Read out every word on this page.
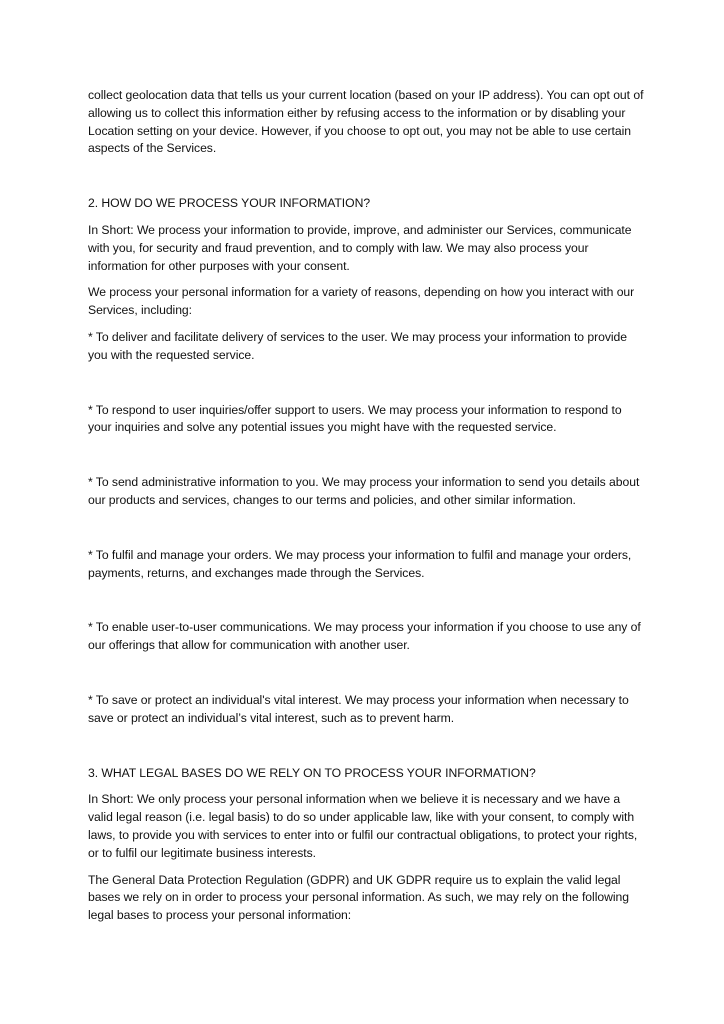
collect geolocation data that tells us your current location (based on your IP address). You can opt out of allowing us to collect this information either by refusing access to the information or by disabling your Location setting on your device. However, if you choose to opt out, you may not be able to use certain aspects of the Services.

2. HOW DO WE PROCESS YOUR INFORMATION?

In Short: We process your information to provide, improve, and administer our Services, communicate with you, for security and fraud prevention, and to comply with law. We may also process your information for other purposes with your consent.

We process your personal information for a variety of reasons, depending on how you interact with our Services, including:

* To deliver and facilitate delivery of services to the user. We may process your information to provide you with the requested service.

* To respond to user inquiries/offer support to users. We may process your information to respond to your inquiries and solve any potential issues you might have with the requested service.

* To send administrative information to you. We may process your information to send you details about our products and services, changes to our terms and policies, and other similar information.

* To fulfil and manage your orders. We may process your information to fulfil and manage your orders, payments, returns, and exchanges made through the Services.

* To enable user-to-user communications. We may process your information if you choose to use any of our offerings that allow for communication with another user.

* To save or protect an individual's vital interest. We may process your information when necessary to save or protect an individual’s vital interest, such as to prevent harm.

3. WHAT LEGAL BASES DO WE RELY ON TO PROCESS YOUR INFORMATION?

In Short: We only process your personal information when we believe it is necessary and we have a valid legal reason (i.e. legal basis) to do so under applicable law, like with your consent, to comply with laws, to provide you with services to enter into or fulfil our contractual obligations, to protect your rights, or to fulfil our legitimate business interests.

The General Data Protection Regulation (GDPR) and UK GDPR require us to explain the valid legal bases we rely on in order to process your personal information. As such, we may rely on the following legal bases to process your personal information:
